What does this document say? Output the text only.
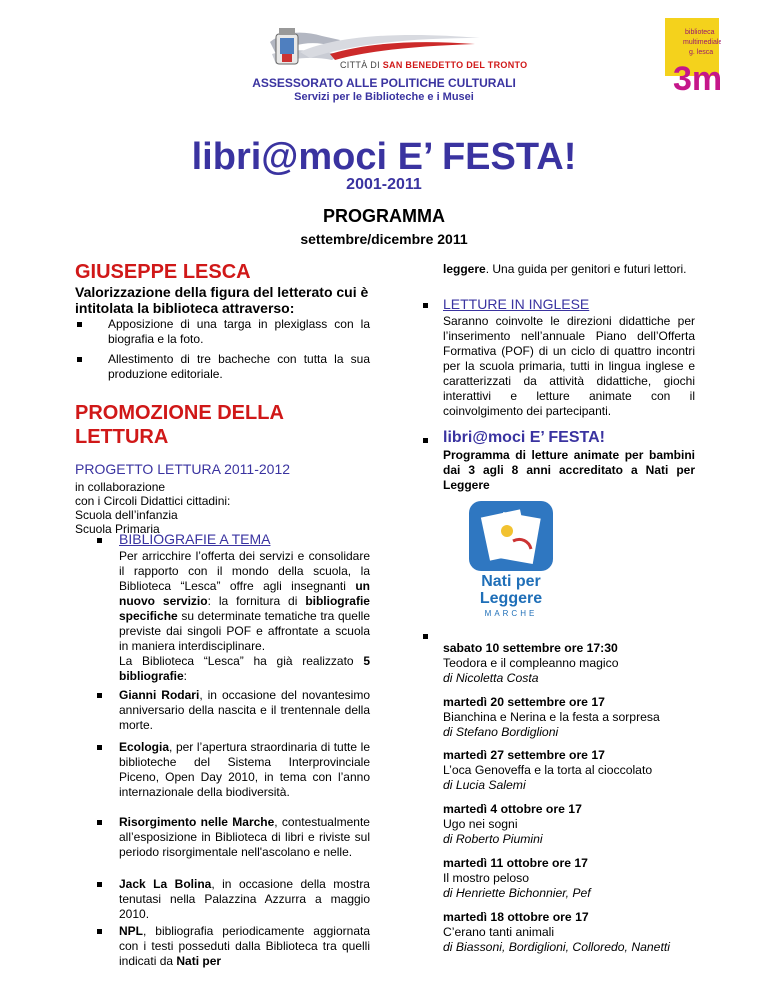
CITTÀ DI SAN BENEDETTO DEL TRONTO
ASSESSORATO ALLE POLITICHE CULTURALI
Servizi per le Biblioteche e i Musei	3m
biblioteca
multimediale
g. lesca
libri@moci E’ FESTA!
2001-2011
PROGRAMMA
settembre/dicembre 2011
GIUSEPPE LESCA
Valorizzazione della figura del letterato cui è intitolata la biblioteca attraverso:
Apposizione di una targa in plexiglass con la biografia e la foto.
Allestimento di tre bacheche con tutta la sua produzione editoriale.
PROMOZIONE DELLA
LETTURA
PROGETTO LETTURA 2011-2012
in collaborazione
con i Circoli Didattici cittadini:
Scuola dell’infanzia
Scuola Primaria
BIBLIOGRAFIE A TEMA
Per arricchire l’offerta dei servizi e consolidare il rapporto con il mondo della scuola, la Biblioteca “Lesca” offre agli insegnanti un nuovo servizio: la fornitura di bibliografie specifiche su determinate tematiche tra quelle previste dai singoli POF e affrontate a scuola in maniera interdisciplinare.
La Biblioteca “Lesca” ha già realizzato 5 bibliografie:
Gianni Rodari, in occasione del novantesimo anniversario della nascita e il trentennale della morte.
Ecologia, per l’apertura straordinaria di tutte le biblioteche del Sistema Interprovinciale Piceno, Open Day 2010, in tema con l’anno internazionale della biodiversità.
Risorgimento nelle Marche, contestualmente all’esposizione in Biblioteca di libri e riviste sul periodo risorgimentale nell'ascolano e nelle.
Jack La Bolina, in occasione della mostra tenutasi nella Palazzina Azzurra a maggio 2010.
NPL, bibliografia periodicamente aggiornata con i testi posseduti dalla Biblioteca tra quelli indicati da Nati per
leggere. Una guida per genitori e futuri lettori.
LETTURE IN INGLESE
Saranno coinvolte le direzioni didattiche per l’inserimento nell’annuale Piano dell’Offerta Formativa (POF) di un ciclo di quattro incontri per la scuola primaria, tutti in lingua inglese e caratterizzati da attività didattiche, giochi interattivi e letture animate con il coinvolgimento dei partecipanti.
libri@moci E’ FESTA!
Programma di letture animate per bambini dai 3 agli 8 anni accreditato a Nati per Leggere
Nati per
Leggere
MARCHE
sabato 10 settembre ore 17:30
Teodora e il compleanno magico
di Nicoletta Costa
martedì 20 settembre ore 17
Bianchina e Nerina e la festa a sorpresa
di Stefano Bordiglioni
martedì 27 settembre ore 17
L’oca Genoveffa e la torta al cioccolato
di Lucia Salemi
martedì 4 ottobre ore 17
Ugo nei sogni
di Roberto Piumini
martedì 11 ottobre ore 17
Il mostro peloso
di Henriette Bichonnier, Pef
martedì 18 ottobre ore 17
C’erano tanti animali
di Biassoni, Bordiglioni, Colloredo, Nanetti
